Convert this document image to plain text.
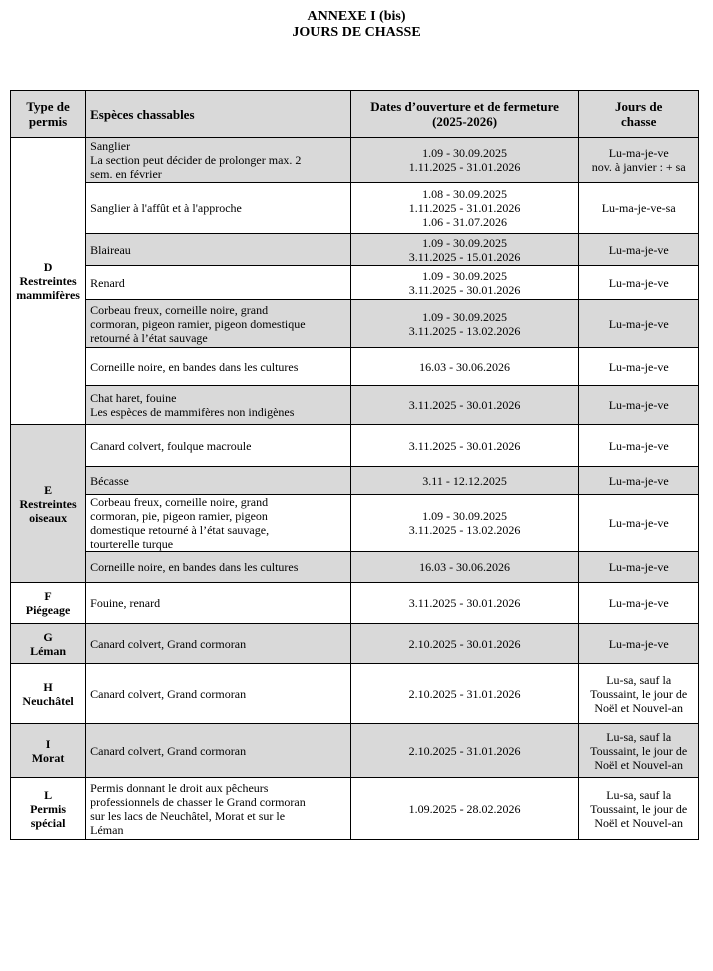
ANNEXE I (bis)
JOURS DE CHASSE
Type de
permis	Espèces chassables	Dates d’ouverture et de fermeture
(2025-2026)	Jours de
chasse

D
Restreintes
mammifères	Sanglier
La section peut décider de prolonger max. 2
sem. en février	1.09 - 30.09.2025
1.11.2025 - 31.01.2026	Lu-ma-je-ve
nov. à janvier : + sa

	Sanglier à l'affût et à l'approche	1.08 - 30.09.2025
1.11.2025 - 31.01.2026
1.06 - 31.07.2026	Lu-ma-je-ve-sa

	Blaireau	1.09 - 30.09.2025
3.11.2025 - 15.01.2026	Lu-ma-je-ve

	Renard	1.09 - 30.09.2025
3.11.2025 - 30.01.2026	Lu-ma-je-ve

	Corbeau freux, corneille noire, grand
cormoran, pigeon ramier, pigeon domestique
retourné à l’état sauvage	1.09 - 30.09.2025
3.11.2025 - 13.02.2026	Lu-ma-je-ve

	Corneille noire, en bandes dans les cultures	16.03 - 30.06.2026	Lu-ma-je-ve

	Chat haret, fouine
Les espèces de mammifères non indigènes	3.11.2025 - 30.01.2026	Lu-ma-je-ve

E
Restreintes
oiseaux	Canard colvert, foulque macroule	3.11.2025 - 30.01.2026	Lu-ma-je-ve

	Bécasse	3.11 - 12.12.2025	Lu-ma-je-ve

	Corbeau freux, corneille noire, grand
cormoran, pie, pigeon ramier, pigeon
domestique retourné à l’état sauvage,
tourterelle turque	1.09 - 30.09.2025
3.11.2025 - 13.02.2026	Lu-ma-je-ve

	Corneille noire, en bandes dans les cultures	16.03 - 30.06.2026	Lu-ma-je-ve

F
Piégeage	Fouine, renard	3.11.2025 - 30.01.2026	Lu-ma-je-ve

G
Léman	Canard colvert, Grand cormoran	2.10.2025 - 30.01.2026	Lu-ma-je-ve

H
Neuchâtel	Canard colvert, Grand cormoran	2.10.2025 - 31.01.2026	Lu-sa, sauf la
Toussaint, le jour de
Noël et Nouvel-an

I
Morat	Canard colvert, Grand cormoran	2.10.2025 - 31.01.2026	Lu-sa, sauf la
Toussaint, le jour de
Noël et Nouvel-an

L
Permis
spécial	Permis donnant le droit aux pêcheurs
professionnels de chasser le Grand cormoran
sur les lacs de Neuchâtel, Morat et sur le
Léman	1.09.2025 - 28.02.2026	Lu-sa, sauf la
Toussaint, le jour de
Noël et Nouvel-an
